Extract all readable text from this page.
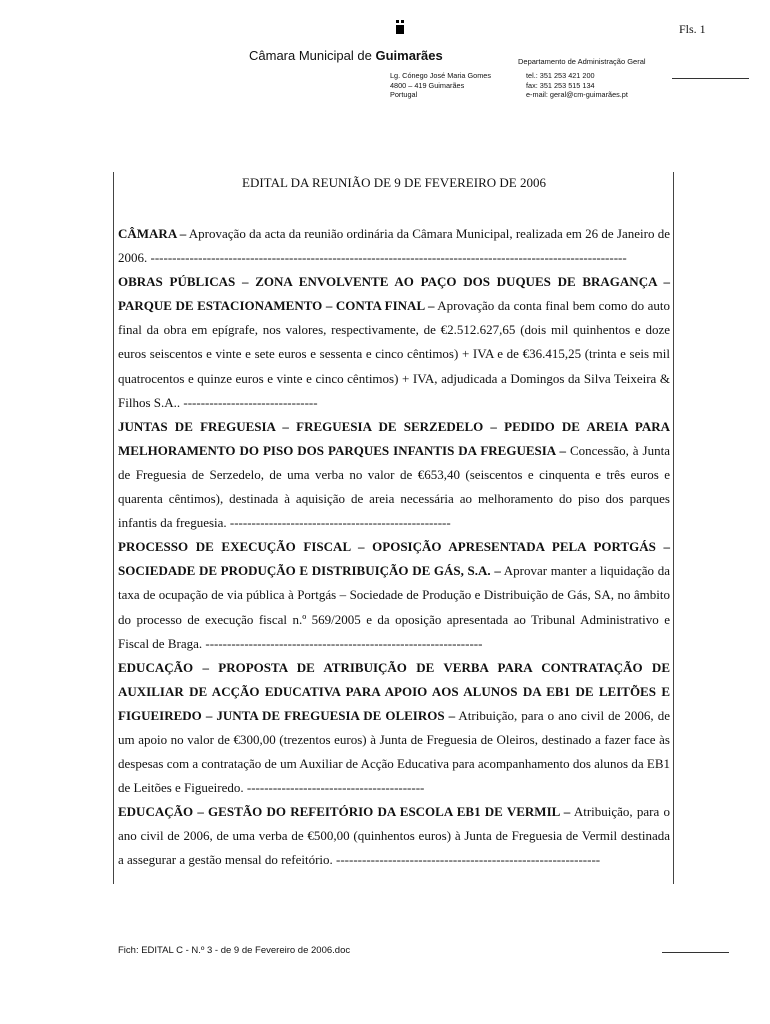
Fls. 1
Câmara Municipal de Guimarães	Departamento de Administração Geral
Lg. Cónego José Maria Gomes
4800 – 419 Guimarães
Portugal
tel.: 351 253 421 200
fax: 351 253 515 134
e-mail: geral@cm-guimarães.pt
EDITAL DA REUNIÃO DE 9 DE FEVEREIRO DE 2006

CÂMARA – Aprovação da acta da reunião ordinária da Câmara Municipal, realizada em 26 de Janeiro de 2006. --------------------------------------------------------------------------------------------------------------

OBRAS PÚBLICAS – ZONA ENVOLVENTE AO PAÇO DOS DUQUES DE BRAGANÇA – PARQUE DE ESTACIONAMENTO – CONTA FINAL – Aprovação da conta final bem como do auto final da obra em epígrafe, nos valores, respectivamente, de €2.512.627,65 (dois mil quinhentos e doze euros seiscentos e vinte e sete euros e sessenta e cinco cêntimos) + IVA e de €36.415,25 (trinta e seis mil quatrocentos e quinze euros e vinte e cinco cêntimos) + IVA, adjudicada a Domingos da Silva Teixeira & Filhos S.A.. -------------------------------

JUNTAS DE FREGUESIA – FREGUESIA DE SERZEDELO – PEDIDO DE AREIA PARA MELHORAMENTO DO PISO DOS PARQUES INFANTIS DA FREGUESIA – Concessão, à Junta de Freguesia de Serzedelo, de uma verba no valor de €653,40 (seiscentos e cinquenta e três euros e quarenta cêntimos), destinada à aquisição de areia necessária ao melhoramento do piso dos parques infantis da freguesia. ---------------------------------------------------

PROCESSO DE EXECUÇÃO FISCAL – OPOSIÇÃO APRESENTADA PELA PORTGÁS – SOCIEDADE DE PRODUÇÃO E DISTRIBUIÇÃO DE GÁS, S.A. – Aprovar manter a liquidação da taxa de ocupação de via pública à Portgás – Sociedade de Produção e Distribuição de Gás, SA, no âmbito do processo de execução fiscal n.º 569/2005 e da oposição apresentada ao Tribunal Administrativo e Fiscal de Braga. ----------------------------------------------------------------

EDUCAÇÃO – PROPOSTA DE ATRIBUIÇÃO DE VERBA PARA CONTRATAÇÃO DE AUXILIAR DE ACÇÃO EDUCATIVA PARA APOIO AOS ALUNOS DA EB1 DE LEITÕES E FIGUEIREDO – JUNTA DE FREGUESIA DE OLEIROS – Atribuição, para o ano civil de 2006, de um apoio no valor de €300,00 (trezentos euros) à Junta de Freguesia de Oleiros, destinado a fazer face às despesas com a contratação de um Auxiliar de Acção Educativa para acompanhamento dos alunos da EB1 de Leitões e Figueiredo. -----------------------------------------

EDUCAÇÃO – GESTÃO DO REFEITÓRIO DA ESCOLA EB1 DE VERMIL – Atribuição, para o ano civil de 2006, de uma verba de €500,00 (quinhentos euros) à Junta de Freguesia de Vermil destinada a assegurar a gestão mensal do refeitório. -------------------------------------------------------------

Fich: EDITAL C - N.º 3 - de 9 de Fevereiro de 2006.doc
